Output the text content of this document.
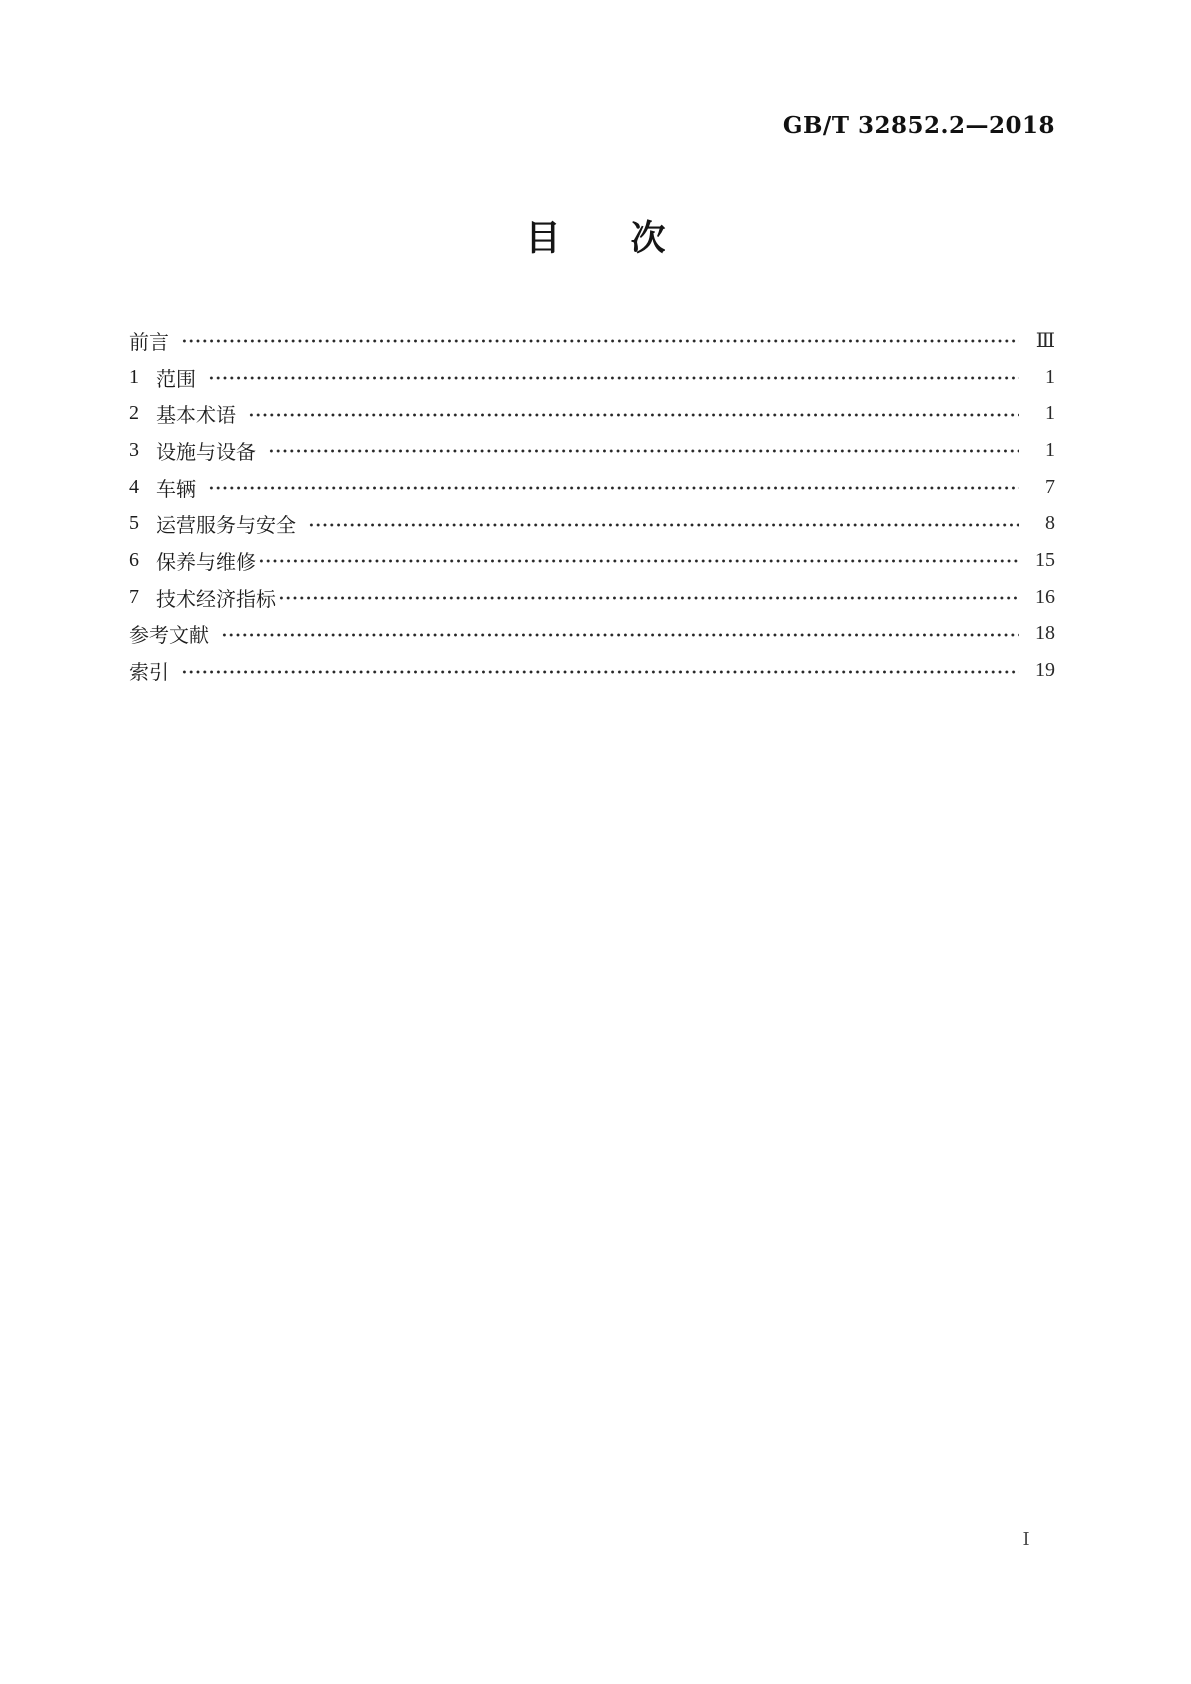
GB/T 32852.2—2018
目　　次
前言	Ⅲ
1 范围	1
2 基本术语	1
3 设施与设备	1
4 车辆	7
5 运营服务与安全	8
6 保养与维修	15
7 技术经济指标	16
参考文献	18
索引	19
Ⅰ
